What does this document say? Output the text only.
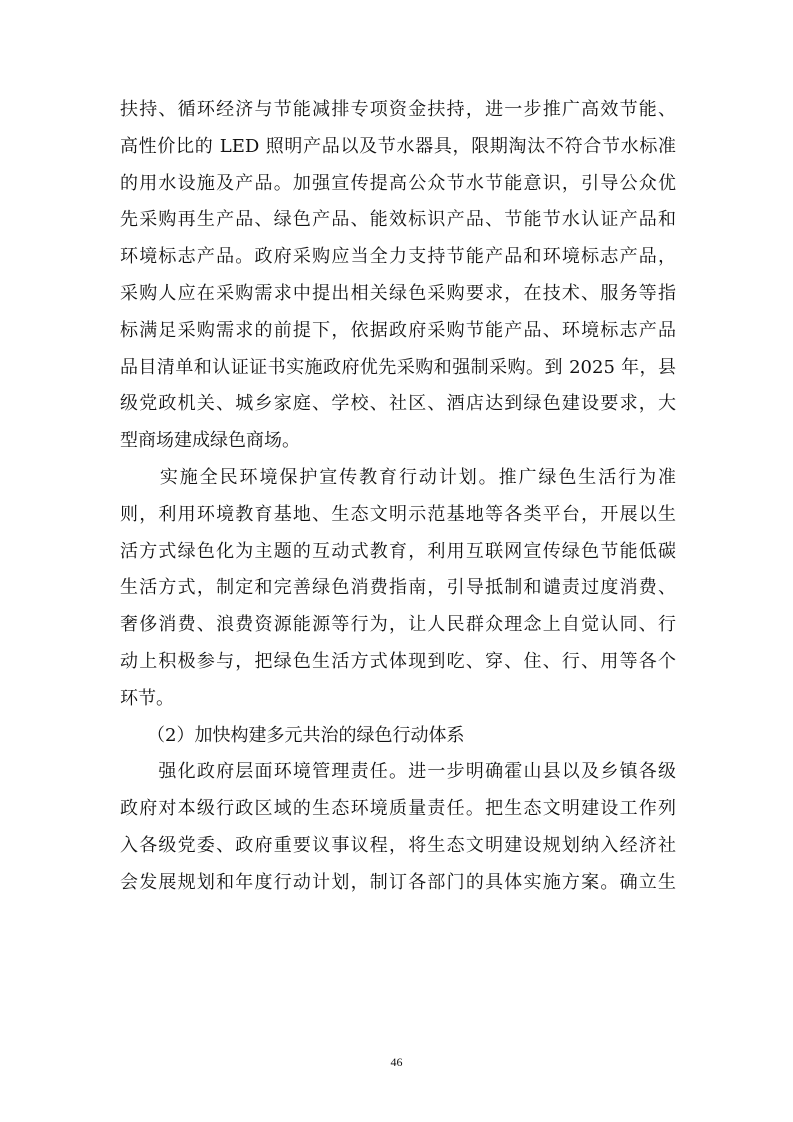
扶持、循环经济与节能减排专项资金扶持，进一步推广高效节能、
高性价比的 LED 照明产品以及节水器具，限期淘汰不符合节水标准
的用水设施及产品。加强宣传提高公众节水节能意识，引导公众优
先采购再生产品、绿色产品、能效标识产品、节能节水认证产品和
环境标志产品。政府采购应当全力支持节能产品和环境标志产品，
采购人应在采购需求中提出相关绿色采购要求，在技术、服务等指
标满足采购需求的前提下，依据政府采购节能产品、环境标志产品
品目清单和认证证书实施政府优先采购和强制采购。到 2025 年，县
级党政机关、城乡家庭、学校、社区、酒店达到绿色建设要求，大
型商场建成绿色商场。
　　实施全民环境保护宣传教育行动计划。推广绿色生活行为准
则，利用环境教育基地、生态文明示范基地等各类平台，开展以生
活方式绿色化为主题的互动式教育，利用互联网宣传绿色节能低碳
生活方式，制定和完善绿色消费指南，引导抵制和谴责过度消费、
奢侈消费、浪费资源能源等行为，让人民群众理念上自觉认同、行
动上积极参与，把绿色生活方式体现到吃、穿、住、行、用等各个
环节。
　　（2）加快构建多元共治的绿色行动体系
　　强化政府层面环境管理责任。进一步明确霍山县以及乡镇各级
政府对本级行政区域的生态环境质量责任。把生态文明建设工作列
入各级党委、政府重要议事议程，将生态文明建设规划纳入经济社
会发展规划和年度行动计划，制订各部门的具体实施方案。确立生
46
